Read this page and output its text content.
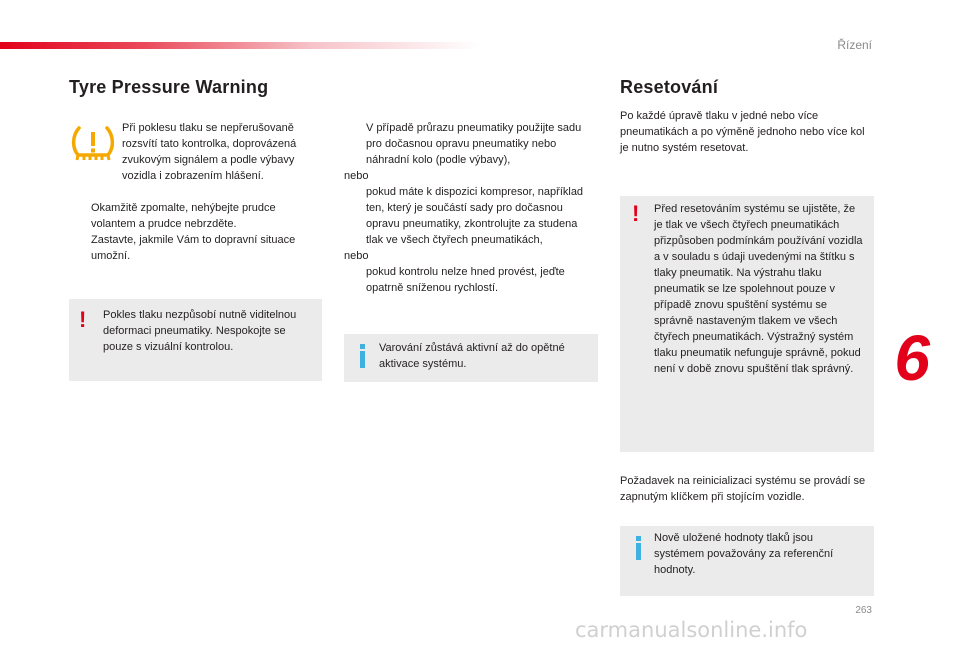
Řízení
Tyre Pressure Warning
Při poklesu tlaku se nepřerušovaně rozsvítí tato kontrolka, doprovázená zvukovým signálem a podle výbavy vozidla i zobrazením hlášení.
Okamžitě zpomalte, nehýbejte prudce volantem a prudce nebrzděte.
Zastavte, jakmile Vám to dopravní situace umožní.
! Pokles tlaku nezpůsobí nutně viditelnou deformaci pneumatiky. Nespokojte se pouze s vizuální kontrolou.
V případě průrazu pneumatiky použijte sadu pro dočasnou opravu pneumatiky nebo náhradní kolo (podle výbavy),
nebo
pokud máte k dispozici kompresor, například ten, který je součástí sady pro dočasnou opravu pneumatiky, zkontrolujte za studena tlak ve všech čtyřech pneumatikách,
nebo
pokud kontrolu nelze hned provést, jeďte opatrně sníženou rychlostí.
Varování zůstává aktivní až do opětné aktivace systému.
Resetování
Po každé úpravě tlaku v jedné nebo více pneumatikách a po výměně jednoho nebo více kol je nutno systém resetovat.
! Před resetováním systému se ujistěte, že je tlak ve všech čtyřech pneumatikách přizpůsoben podmínkám používání vozidla a v souladu s údaji uvedenými na štítku s tlaky pneumatik. Na výstrahu tlaku pneumatik se lze spolehnout pouze v případě znovu spuštění systému se správně nastaveným tlakem ve všech čtyřech pneumatikách. Výstražný systém tlaku pneumatik nefunguje správně, pokud není v době znovu spuštění tlak správný.
Požadavek na reinicializaci systému se provádí se zapnutým klíčkem při stojícím vozidle.
Nově uložené hodnoty tlaků jsou systémem považovány za referenční hodnoty.
6
263
carmanualsonline.info
